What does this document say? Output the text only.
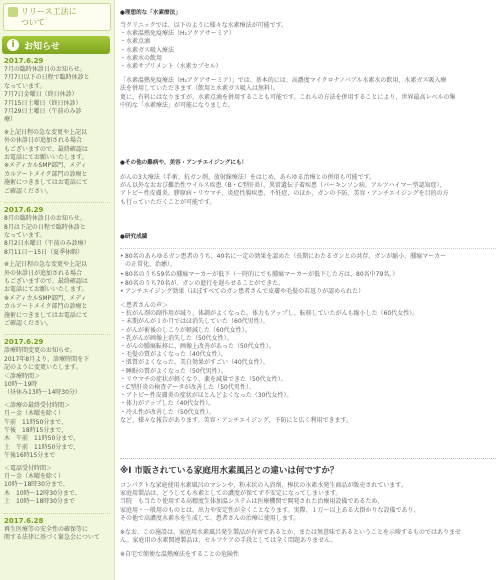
リリース工法に
ついて
i	お知らせ
2017.6.29
7月の臨時休診日のお知らせ。
7月7日以下の日程で臨時休診と
なっています。
7月7日金曜日（終日休診）
7月15日土曜日（終日休診）
7月29日土曜日（午前のみ診
療）
※上記日程の急な変更や上記以
外の休診日が追加される場合
もございますので、最終確認は
お電話にてお願いいたします。
※メディカルSMP部門、メディ
カルアートメイク部門の診療と
施術につきましてはお電話にて
ご確認ください。
2017.6.29
8月の臨時休診日のお知らせ。
8月は下記の日程で臨時休診と
なっています。
8月2日水曜日（午前のみ診療）
8月11日〜15日（夏季休暇）
※上記日程の急な変更や上記以
外の休診日が追加される場合
もございますので、最終確認は
お電話にてお願いいたします。
※メディカルSMP部門、メディ
カルアートメイク部門の診療と
施術につきましてはお電話にて
ご確認ください。
2017.6.29
診療時間変更のお知らせ。
2017年8月より、診療時間を下
記のように変更いたします。
＜診療時間＞
10時〜19時
（昼休み13時〜14時30分）
＜診療の最終受付時間＞
月〜金（木曜を除く）
午前　11時50分まで、
午後　18時15分まで、
木　午前　11時50分まで、
土　午前　11時50分まで、
午後16時15分まで
＜電話受付時間＞
月〜金（木曜を除く）
10時〜18時30分まで、
木　10時〜12時30分まで、
土　10時〜18時30分まで
2017.6.28
再生医療等の安全性の確保等に
関する法律に基づく緊急会について
●理想的な「水素療法」
当クリニックでは、以下のように様々な水素療法が可能です。
・水素温熱免疫療法（H₂アクアサーミア）
・水素点滴
・水素ガス吸入療法
・水素水の飲用
・水素サプリメント（水素カプセル）
「水素温熱免疫療法（H₂アクアサーミア）」では、基本的には、高濃度マイクロナノバブル水素水の飲用、水素ガス吸入療
法を併用していただきます（飲用と水素ガス吸入は無料）。
更に、有料にはなりますが、水素点滴を併用することも可能です。これらの方法を併用することにより、世界最高レベルの集
中的な「水素療法」が可能になりました。
●その他の難病や、美容・アンチエイジングにも！
がんの3大療法（手術、抗ガン剤、放射線療法）をはじめ、あらゆる治療との併用も可能です。
がん以外なおおび難治性ウイルス疾患（B・C型肝炎）、異常遺伝子着疾患（パーキンソン病、アルツハイマー型認知症）、
アトピー性皮膚炎、膠原病・リウマチ、炎症性腸疾患、不妊症、のほか、ガンの予防、美容・アンチエイジングを目的の方
も行っていただくことが可能です。
●研究成績
• 80名のあらゆるガン患者のうち、40名に一定の効果を認めた（長期にわたるガンとの共存、ガンが縮小、腫瘍マーカー
の正常化、治癒）。
• 80名のうち59名の腫瘍マーカーが低下（一時的にでも腫瘍マーカーが低下した方は、80名中79名。）
• 80名のうち70名が、ガンの進行を遅らせることができた。
• アンチエイジング効果（ほぼすべてのガン患者さんで皮膚や毛髪の若返りが認められた）
＜患者さんの声＞
・抗がん剤の副作用が減り、体調がよくなった。体力もアップし、転移していたがんも縮小した（60代女性）。
・末期がんが１か月ではほ消失していた（60代男性）。
・がんが術後のしこりが軽減した（60代女性）。
・乳がんが画像上消失した（50代女性）。
・がんの腫瘍転移に、画像上改善があった（50代女性）。
・毛髪の質がよくなった（40代女性）。
・肌質がよくなった。美白効果がすごい（40代女性）。
・睡眠の質がよくなった（50代男性）。
・リウマチの症状が軽くなり、薬を減量できた（50代女性）。
・C型肝炎の検査データが改善した（50代男性）。
・アトピー性皮膚炎の症状がほとんどよくなった（30代女性）。
・体力がアップした（40代女性）。
・冷え性が改善した（50代女性）。
など、様々な報告があります。美容・アンチエイジング、予防にと広く利用できます。
※I 市販されている家庭用水素風呂との違いは何ですか？
コンパクトな家庭使用水素風呂のマシンや、粉末状の入浴剤、棒状の水素水発生商品が販売されています。
家庭用製品は、どうしても水素としての濃度が保てず不安定になってしまいます。
当院　も当たり使用する高精度生体加温システムは医療機関で開発された治療用設備であるため、
家庭用・一般用のものとは、出力や安定性が全くことなります。実際、１万〜以上ある大掛かりな設備であり、
その他で高濃度水素水を生成して、患者さんの治療に使用します。
※なお、この施設は、家庭用水素風呂発生製品が有害であるとか、または無意味であるということを示唆するものではありませ
ん。家庭用の水素関連製品は、セルフケアの手段としては全く問題ありません。
※自宅で簡便な温熱療法をすることの危険性
